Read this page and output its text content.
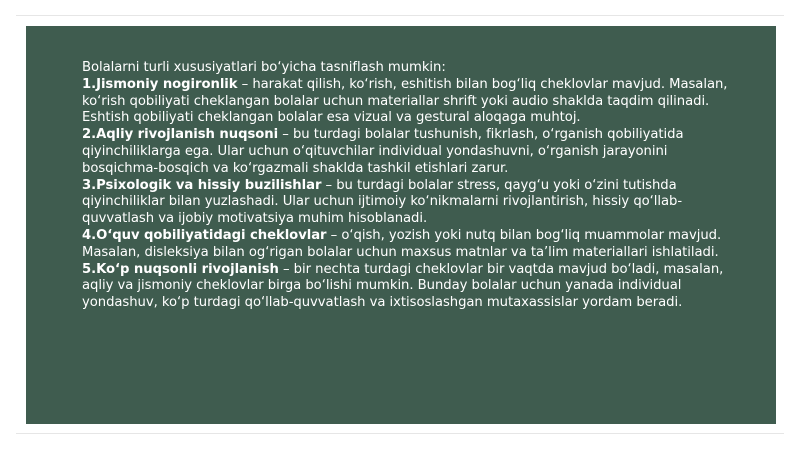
Bolalarni turli xususiyatlari bo‘yicha tasniflash mumkin:

1.Jismoniy nogironlik – harakat qilish, ko‘rish, eshitish bilan bog‘liq cheklovlar mavjud. Masalan, ko‘rish qobiliyati cheklangan bolalar uchun materiallar shrift yoki audio shaklda taqdim qilinadi. Eshtish qobiliyati cheklangan bolalar esa vizual va gestural aloqaga muhtoj.

2.Aqliy rivojlanish nuqsoni – bu turdagi bolalar tushunish, fikrlash, o‘rganish qobiliyatida qiyinchiliklarga ega. Ular uchun o‘qituvchilar individual yondashuvni, o‘rganish jarayonini bosqichma-bosqich va ko‘rgazmali shaklda tashkil etishlari zarur.

3.Psixologik va hissiy buzilishlar – bu turdagi bolalar stress, qayg‘u yoki o‘zini tutishda qiyinchiliklar bilan yuzlashadi. Ular uchun ijtimoiy ko‘nikmalarni rivojlantirish, hissiy qo‘llab-quvvatlash va ijobiy motivatsiya muhim hisoblanadi.

4.O‘quv qobiliyatidagi cheklovlar – o‘qish, yozish yoki nutq bilan bog‘liq muammolar mavjud. Masalan, disleksiya bilan og‘rigan bolalar uchun maxsus matnlar va ta’lim materiallari ishlatiladi.

5.Ko‘p nuqsonli rivojlanish – bir nechta turdagi cheklovlar bir vaqtda mavjud bo‘ladi, masalan, aqliy va jismoniy cheklovlar birga bo‘lishi mumkin. Bunday bolalar uchun yanada individual yondashuv, ko‘p turdagi qo‘llab-quvvatlash va ixtisoslashgan mutaxassislar yordam beradi.
